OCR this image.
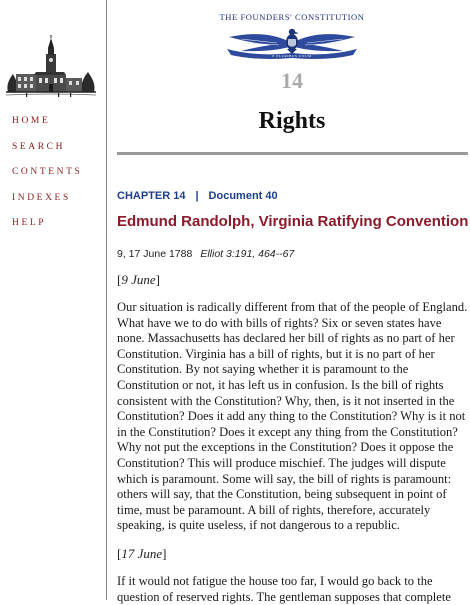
HOME
SEARCH
CONTENTS
INDEXES
HELP
THE FOUNDERS' CONSTITUTION
E PLURIBUS UNUM
14
Rights
CHAPTER 14 | Document 40
Edmund Randolph, Virginia Ratifying Convention
9, 17 June 1788 Elliot 3:191, 464--67
[9 June]

Our situation is radically different from that of the people of England. What have we to do with bills of rights? Six or seven states have none. Massachusetts has declared her bill of rights as no part of her Constitution. Virginia has a bill of rights, but it is no part of her Constitution. By not saying whether it is paramount to the Constitution or not, it has left us in confusion. Is the bill of rights consistent with the Constitution? Why, then, is it not inserted in the Constitution? Does it add any thing to the Constitution? Why is it not in the Constitution? Does it except any thing from the Constitution? Why not put the exceptions in the Constitution? Does it oppose the Constitution? This will produce mischief. The judges will dispute which is paramount. Some will say, the bill of rights is paramount: others will say, that the Constitution, being subsequent in point of time, must be paramount. A bill of rights, therefore, accurately speaking, is quite useless, if not dangerous to a republic.

[17 June]

If it would not fatigue the house too far, I would go back to the question of reserved rights. The gentleman supposes that complete
